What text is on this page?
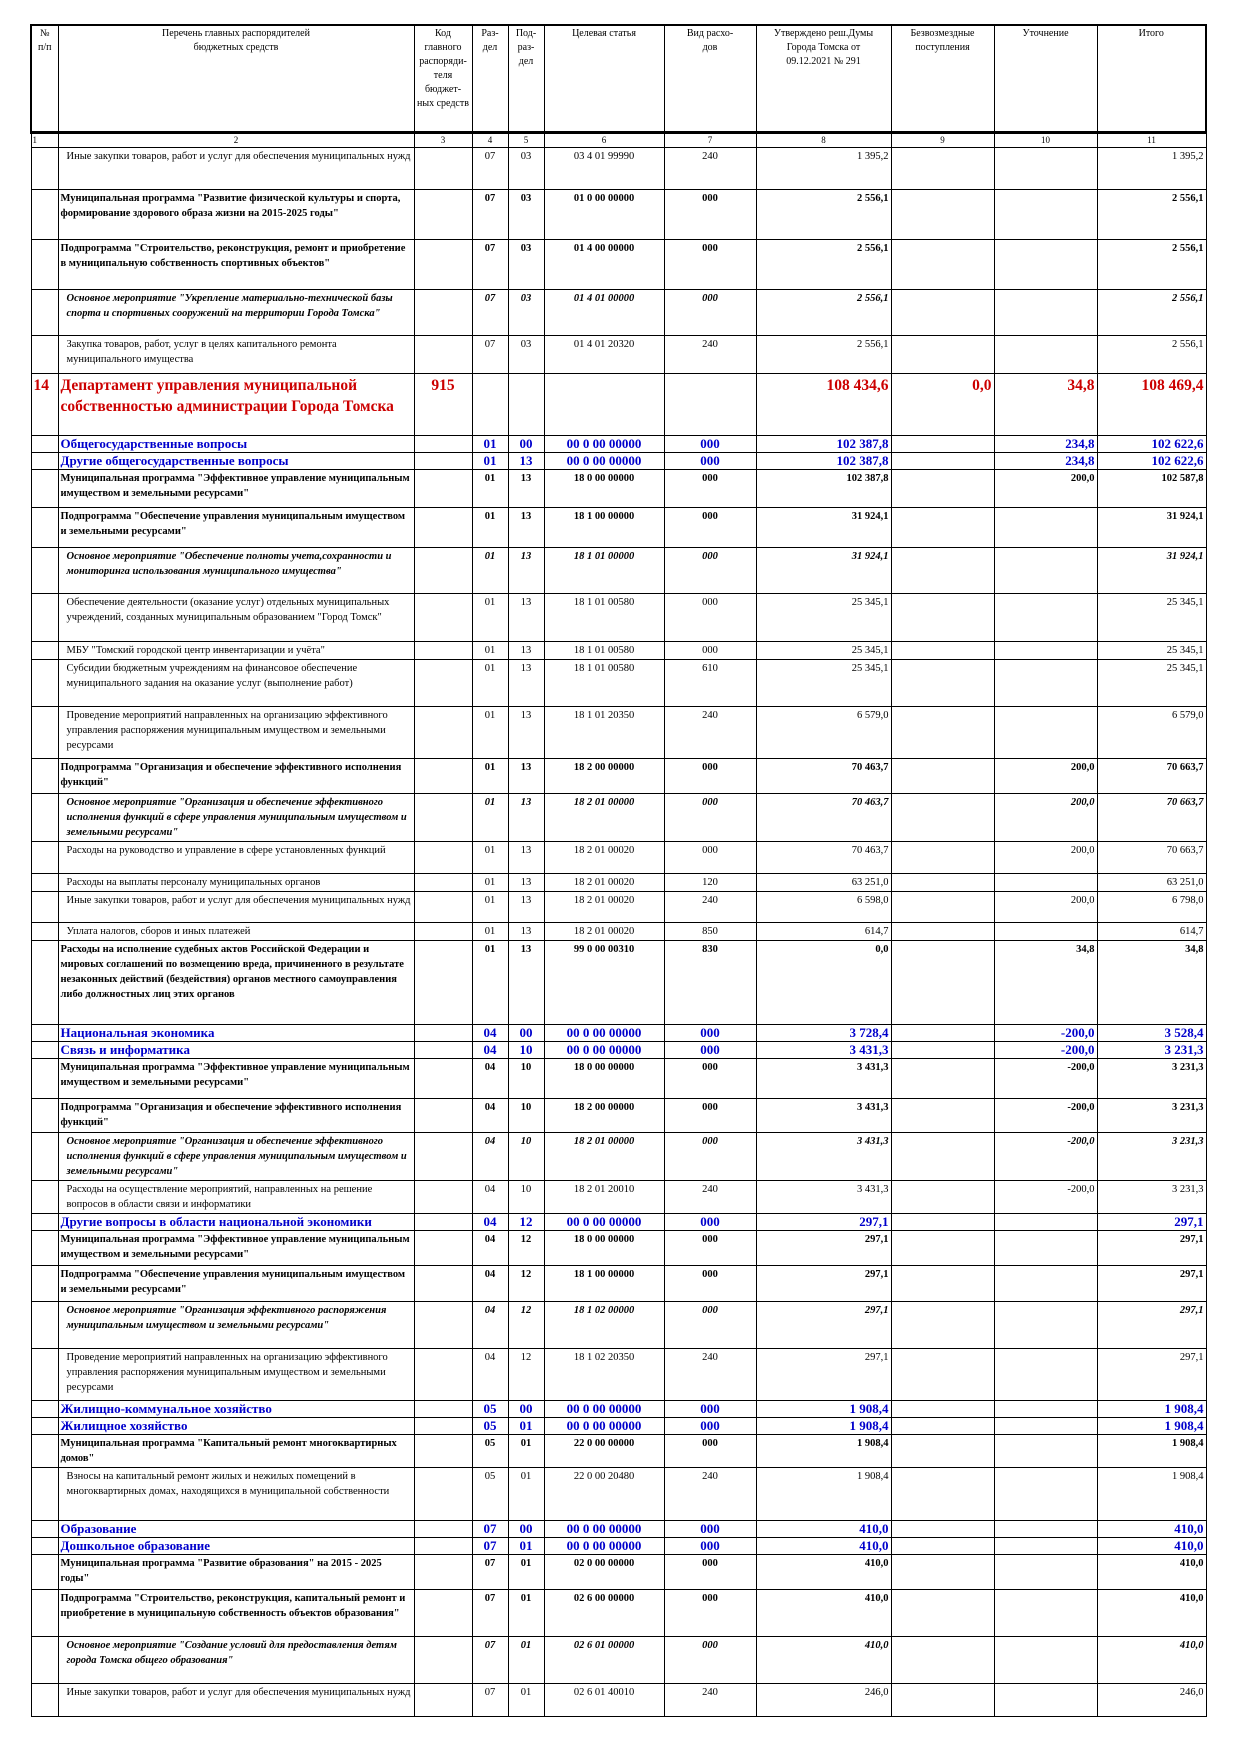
№
п/п	Перечень главных распорядителей
бюджетных средств	Код
главного
распоряди-
теля бюджет-
ных средств	Раз-
дел	Под-
раз-
дел	Целевая статья	Вид расхо-
дов	Утверждено реш.Думы
Города Томска от
09.12.2021 № 291	Безвозмездные
поступления	Уточнение	Итого
1	2	3	4	5	6	7	8	9	10	11
	Иные закупки товаров, работ и услуг для обеспечения муниципальных нужд		07	03	03 4 01 99990	240	1 395,2			1 395,2
	Муниципальная программа "Развитие физической культуры и спорта, формирование здорового образа жизни на 2015-2025 годы"		07	03	01 0 00 00000	000	2 556,1			2 556,1
	Подпрограмма "Строительство, реконструкция, ремонт и приобретение в муниципальную собственность спортивных объектов"		07	03	01 4 00 00000	000	2 556,1			2 556,1
	Основное мероприятие "Укрепление материально-технической базы спорта и спортивных сооружений на территории Города Томска"		07	03	01 4 01 00000	000	2 556,1			2 556,1
	Закупка товаров, работ, услуг в целях капитального ремонта муниципального имущества		07	03	01 4 01 20320	240	2 556,1			2 556,1
14	Департамент управления муниципальной собственностью администрации Города Томска	915					108 434,6	0,0	34,8	108 469,4
	Общегосударственные вопросы		01	00	00 0 00 00000	000	102 387,8		234,8	102 622,6
	Другие общегосударственные вопросы		01	13	00 0 00 00000	000	102 387,8		234,8	102 622,6
	Муниципальная программа "Эффективное управление муниципальным имуществом и земельными ресурсами"		01	13	18 0 00 00000	000	102 387,8		200,0	102 587,8
	Подпрограмма "Обеспечение управления муниципальным имуществом и земельными ресурсами"		01	13	18 1 00 00000	000	31 924,1			31 924,1
	Основное мероприятие "Обеспечение полноты учета,сохранности и мониторинга использования муниципального имущества"		01	13	18 1 01 00000	000	31 924,1			31 924,1
	Обеспечение деятельности (оказание услуг) отдельных муниципальных учреждений, созданных муниципальным образованием "Город Томск"		01	13	18 1 01 00580	000	25 345,1			25 345,1
	МБУ "Томский городской центр инвентаризации и учёта"		01	13	18 1 01 00580	000	25 345,1			25 345,1
	Субсидии бюджетным учреждениям на финансовое обеспечение муниципального задания на оказание услуг (выполнение работ)		01	13	18 1 01 00580	610	25 345,1			25 345,1
	Проведение мероприятий направленных на организацию эффективного управления распоряжения муниципальным имуществом и земельными ресурсами		01	13	18 1 01 20350	240	6 579,0			6 579,0
	Подпрограмма "Организация и обеспечение эффективного исполнения функций"		01	13	18 2 00 00000	000	70 463,7		200,0	70 663,7
	Основное мероприятие "Организация и обеспечение эффективного исполнения функций в сфере управления муниципальным имуществом и земельными ресурсами"		01	13	18 2 01 00000	000	70 463,7		200,0	70 663,7
	Расходы на руководство и управление в сфере установленных функций		01	13	18 2 01 00020	000	70 463,7		200,0	70 663,7
	Расходы на выплаты персоналу муниципальных органов		01	13	18 2 01 00020	120	63 251,0			63 251,0
	Иные закупки товаров, работ и услуг для обеспечения муниципальных нужд		01	13	18 2 01 00020	240	6 598,0		200,0	6 798,0
	Уплата налогов, сборов и иных платежей		01	13	18 2 01 00020	850	614,7			614,7
	Расходы на исполнение судебных актов Российской Федерации и мировых соглашений по возмещению вреда, причиненного в результате незаконных действий (бездействия) органов местного самоуправления либо должностных лиц этих органов		01	13	99 0 00 00310	830	0,0		34,8	34,8
	Национальная экономика		04	00	00 0 00 00000	000	3 728,4		-200,0	3 528,4
	Связь и информатика		04	10	00 0 00 00000	000	3 431,3		-200,0	3 231,3
	Муниципальная программа "Эффективное управление муниципальным имуществом и земельными ресурсами"		04	10	18 0 00 00000	000	3 431,3		-200,0	3 231,3
	Подпрограмма "Организация и обеспечение эффективного исполнения функций"		04	10	18 2 00 00000	000	3 431,3		-200,0	3 231,3
	Основное мероприятие "Организация и обеспечение эффективного исполнения функций в сфере управления муниципальным имуществом и земельными ресурсами"		04	10	18 2 01 00000	000	3 431,3		-200,0	3 231,3
	Расходы на осуществление мероприятий, направленных на решение вопросов в области связи и информатики		04	10	18 2 01 20010	240	3 431,3		-200,0	3 231,3
	Другие вопросы в области национальной экономики		04	12	00 0 00 00000	000	297,1			297,1
	Муниципальная программа "Эффективное управление муниципальным имуществом и земельными ресурсами"		04	12	18 0 00 00000	000	297,1			297,1
	Подпрограмма "Обеспечение управления муниципальным имуществом и земельными ресурсами"		04	12	18 1 00 00000	000	297,1			297,1
	Основное мероприятие "Организация эффективного распоряжения муниципальным имуществом и земельными ресурсами"		04	12	18 1 02 00000	000	297,1			297,1
	Проведение мероприятий направленных на организацию эффективного управления распоряжения муниципальным имуществом и земельными ресурсами		04	12	18 1 02 20350	240	297,1			297,1
	Жилищно-коммунальное хозяйство		05	00	00 0 00 00000	000	1 908,4			1 908,4
	Жилищное хозяйство		05	01	00 0 00 00000	000	1 908,4			1 908,4
	Муниципальная программа "Капитальный ремонт многоквартирных домов"		05	01	22 0 00 00000	000	1 908,4			1 908,4
	Взносы на капитальный ремонт жилых и нежилых помещений в многоквартирных домах, находящихся в муниципальной собственности		05	01	22 0 00 20480	240	1 908,4			1 908,4
	Образование		07	00	00 0 00 00000	000	410,0			410,0
	Дошкольное образование		07	01	00 0 00 00000	000	410,0			410,0
	Муниципальная программа "Развитие образования" на 2015 - 2025 годы"		07	01	02 0 00 00000	000	410,0			410,0
	Подпрограмма "Строительство, реконструкция, капитальный ремонт и приобретение в муниципальную собственность объектов образования"		07	01	02 6 00 00000	000	410,0			410,0
	Основное мероприятие "Создание условий для предоставления детям города Томска общего образования"		07	01	02 6 01 00000	000	410,0			410,0
	Иные закупки товаров, работ и услуг для обеспечения муниципальных нужд		07	01	02 6 01 40010	240	246,0			246,0
